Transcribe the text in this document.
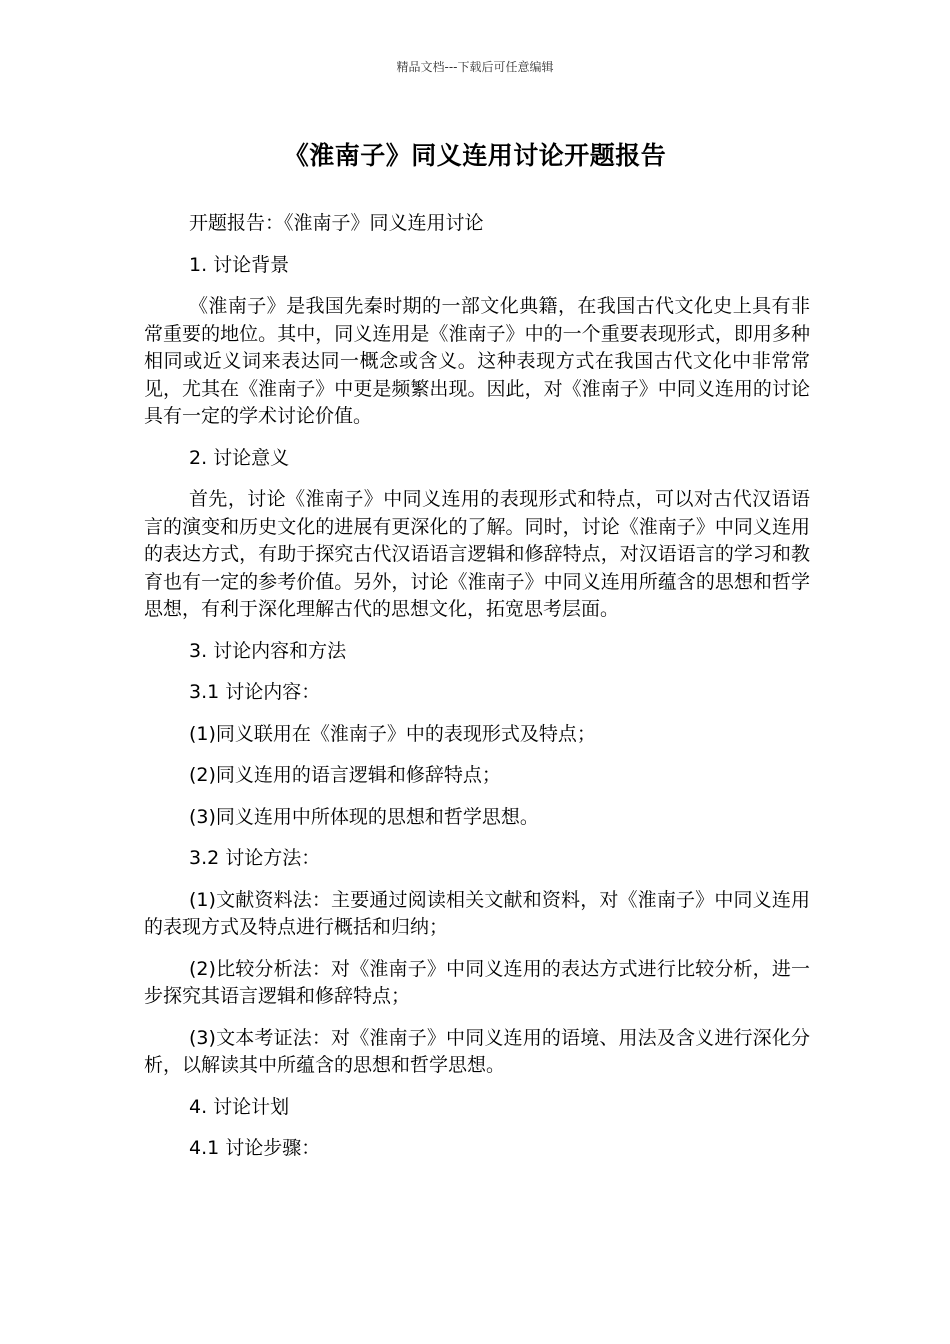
精品文档---下载后可任意编辑
《淮南子》同义连用讨论开题报告

开题报告：《淮南子》同义连用讨论

1. 讨论背景

《淮南子》是我国先秦时期的一部文化典籍，在我国古代文化史上具有非常重要的地位。其中，同义连用是《淮南子》中的一个重要表现形式，即用多种相同或近义词来表达同一概念或含义。这种表现方式在我国古代文化中非常常见，尤其在《淮南子》中更是频繁出现。因此，对《淮南子》中同义连用的讨论具有一定的学术讨论价值。

2. 讨论意义

首先，讨论《淮南子》中同义连用的表现形式和特点，可以对古代汉语语言的演变和历史文化的进展有更深化的了解。同时，讨论《淮南子》中同义连用的表达方式，有助于探究古代汉语语言逻辑和修辞特点，对汉语语言的学习和教育也有一定的参考价值。另外，讨论《淮南子》中同义连用所蕴含的思想和哲学思想，有利于深化理解古代的思想文化，拓宽思考层面。

3. 讨论内容和方法

3.1 讨论内容：

(1)同义联用在《淮南子》中的表现形式及特点；

(2)同义连用的语言逻辑和修辞特点；

(3)同义连用中所体现的思想和哲学思想。

3.2 讨论方法：

(1)文献资料法：主要通过阅读相关文献和资料，对《淮南子》中同义连用的表现方式及特点进行概括和归纳；

(2)比较分析法：对《淮南子》中同义连用的表达方式进行比较分析，进一步探究其语言逻辑和修辞特点；

(3)文本考证法：对《淮南子》中同义连用的语境、用法及含义进行深化分析，以解读其中所蕴含的思想和哲学思想。

4. 讨论计划

4.1 讨论步骤：
